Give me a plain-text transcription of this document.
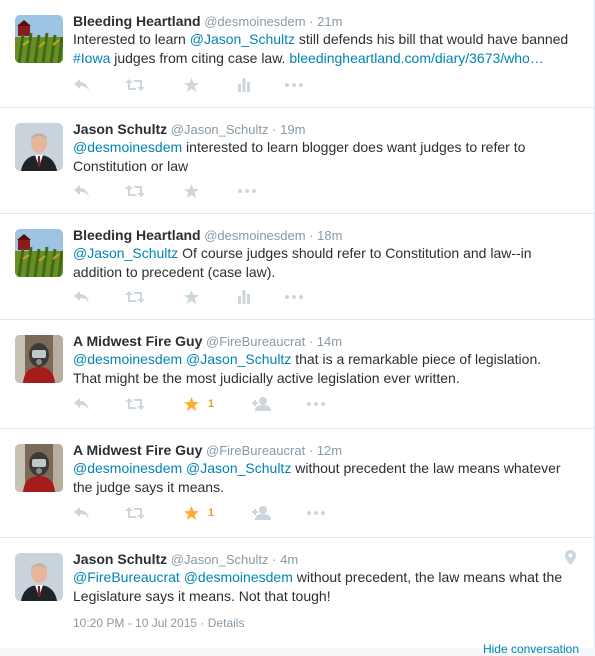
Bleeding Heartland @desmoinesdem · 21m
Interested to learn @Jason_Schultz still defends his bill that would have banned #Iowa judges from citing case law. bleedingheartland.com/diary/3673/who…
Jason Schultz @Jason_Schultz · 19m
@desmoinesdem interested to learn blogger does want judges to refer to Constitution or law
Bleeding Heartland @desmoinesdem · 18m
@Jason_Schultz Of course judges should refer to Constitution and law--in addition to precedent (case law).
A Midwest Fire Guy @FireBureaucrat · 14m
@desmoinesdem @Jason_Schultz that is a remarkable piece of legislation. That might be the most judicially active legislation ever written.
1
A Midwest Fire Guy @FireBureaucrat · 12m
@desmoinesdem @Jason_Schultz without precedent the law means whatever the judge says it means.
1
Jason Schultz @Jason_Schultz · 4m
@FireBureaucrat @desmoinesdem without precedent, the law means what the Legislature says it means. Not that tough!
10:20 PM - 10 Jul 2015 · Details
Hide conversation
